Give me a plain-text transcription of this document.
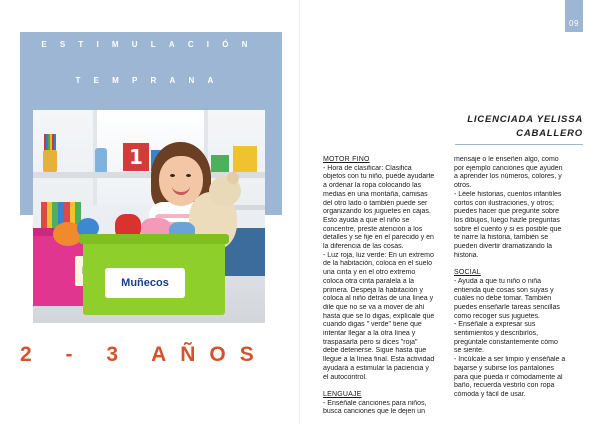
ESTIMULACIÓN
TEMPRANA
1
Muñecos
2 - 3 AÑOS
09
LICENCIADA YELISSA
CABALLERO
MOTOR FINO
- Hora de clasificar: Clasifica
objetos con tu niño, puede ayudarte
a ordenar la ropa colocando las
medias en una montaña, camisas
del otro lado o también puede ser
organizando los juguetes en cajas.
Esto ayuda a que el niño se
concentre, preste atención a los
detalles y se fije en el parecido y en
la diferencia de las cosas.
- Luz roja, luz verde: En un extremo
de la habitación, coloca en el suelo
una cinta y en el otro extremo
coloca otra cinta paralela a la
primera. Despeja la habitación y
coloca al niño detrás de una línea y
dile que no se va a mover de ahí
hasta que se lo digas, explícale que
cuando digas " verde" tiene que
intentar llegar a la otra línea y
traspasarla pero si dices "roja"
debe detenerse. Sigue hasta que
llegue a la línea final. Esta actividad
ayudará a estimular la paciencia y
el autocontrol.
LENGUAJE
- Enséñale canciones para niños,
busca canciones que le dejen un
mensaje o le enseñen algo, como
por ejemplo canciones que ayuden
a aprender los números, colores, y
otros.
- Léele historias, cuentos infantiles
cortos con ilustraciones, y otros;
puedes hacer que pregunte sobre
los dibujos, luego hazle preguntas
sobre el cuento y si es posible que
te narre la historia, también se
pueden divertir dramatizando la
historia.
SOCIAL
- Ayuda a que tu niño o niña
entienda qué cosas son suyas y
cuáles no debe tomar. También
puedes enseñarle tareas sencillas
como recoger sus juguetes.
- Enséñale a expresar sus
sentimientos y describirlos,
pregúntale constantemente cómo
se siente.
- Incúlcale a ser limpio y enséñale a
bajarse y subirse los pantalones
para que pueda ir cómodamente al
baño, recuerda vestirlo con ropa
cómoda y fácil de usar.
